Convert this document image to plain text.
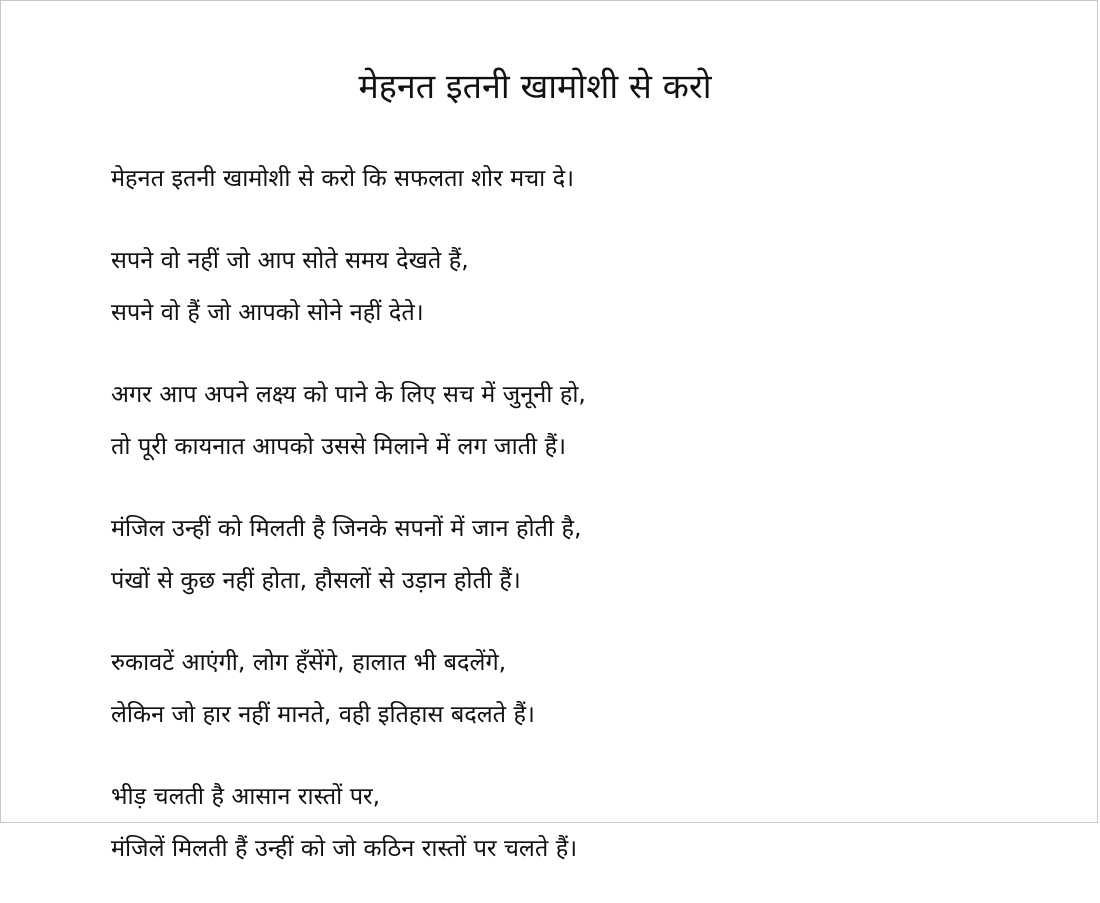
मेहनत इतनी खामोशी से करो

मेहनत इतनी खामोशी से करो कि सफलता शोर मचा दे।

सपने वो नहीं जो आप सोते समय देखते हैं,

सपने वो हैं जो आपको सोने नहीं देते।

अगर आप अपने लक्ष्य को पाने के लिए सच में जुनूनी हो,

तो पूरी कायनात आपको उससे मिलाने में लग जाती हैं।

मंजिल उन्हीं को मिलती है जिनके सपनों में जान होती है,

पंखों से कुछ नहीं होता, हौसलों से उड़ान होती हैं।

रुकावटें आएंगी, लोग हँसेंगे, हालात भी बदलेंगे,

लेकिन जो हार नहीं मानते, वही इतिहास बदलते हैं।

भीड़ चलती है आसान रास्तों पर,

मंजिलें मिलती हैं उन्हीं को जो कठिन रास्तों पर चलते हैं।
